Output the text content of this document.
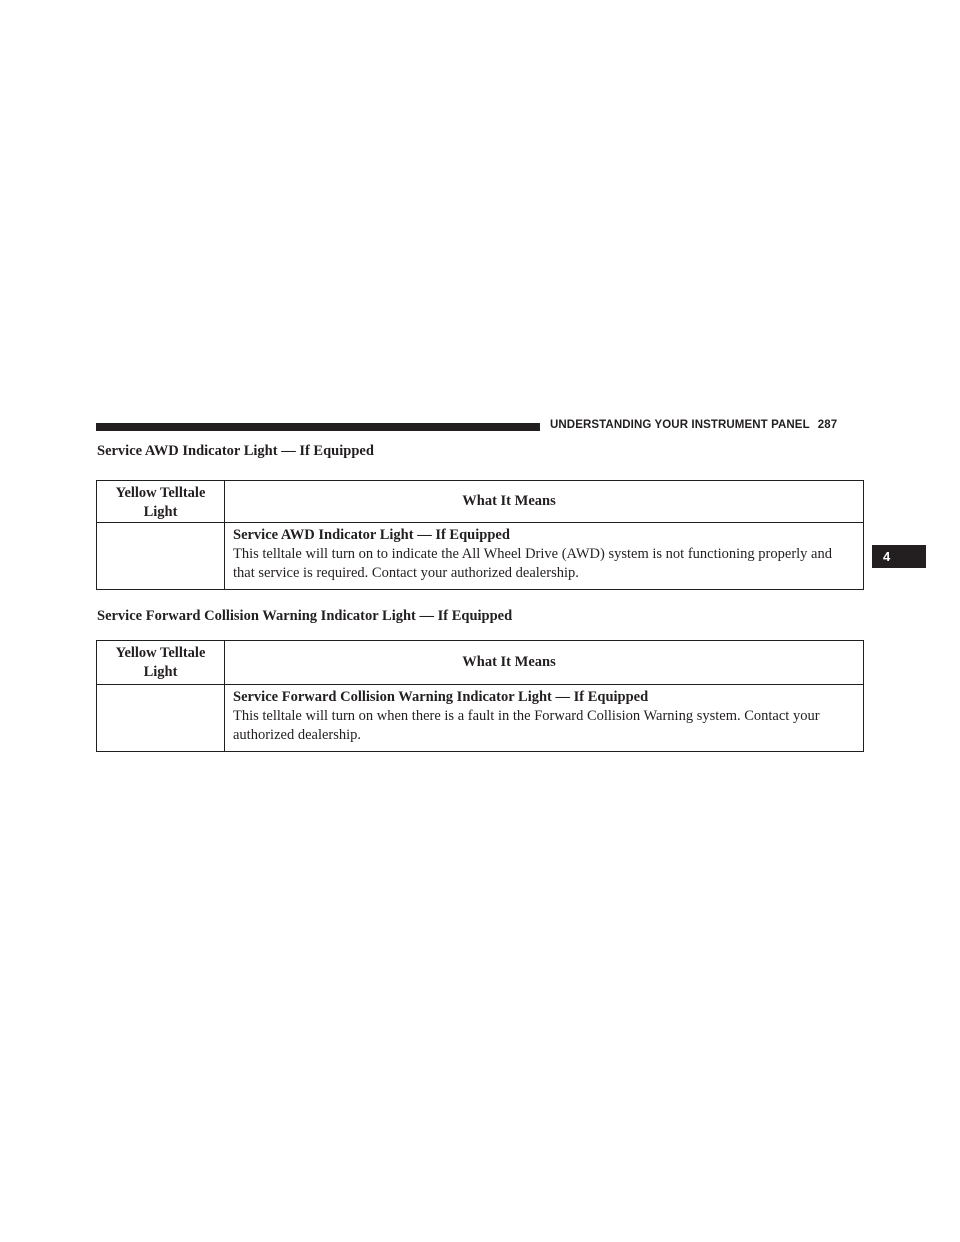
UNDERSTANDING YOUR INSTRUMENT PANEL 287
4
Service AWD Indicator Light — If Equipped
Yellow Telltale Light	What It Means

	Service AWD Indicator Light — If Equipped
This telltale will turn on to indicate the All Wheel Drive (AWD) system is not functioning properly and that service is required. Contact your authorized dealership.
Service Forward Collision Warning Indicator Light — If Equipped
Yellow Telltale Light	What It Means

	Service Forward Collision Warning Indicator Light — If Equipped
This telltale will turn on when there is a fault in the Forward Collision Warning system. Contact your authorized dealership.
